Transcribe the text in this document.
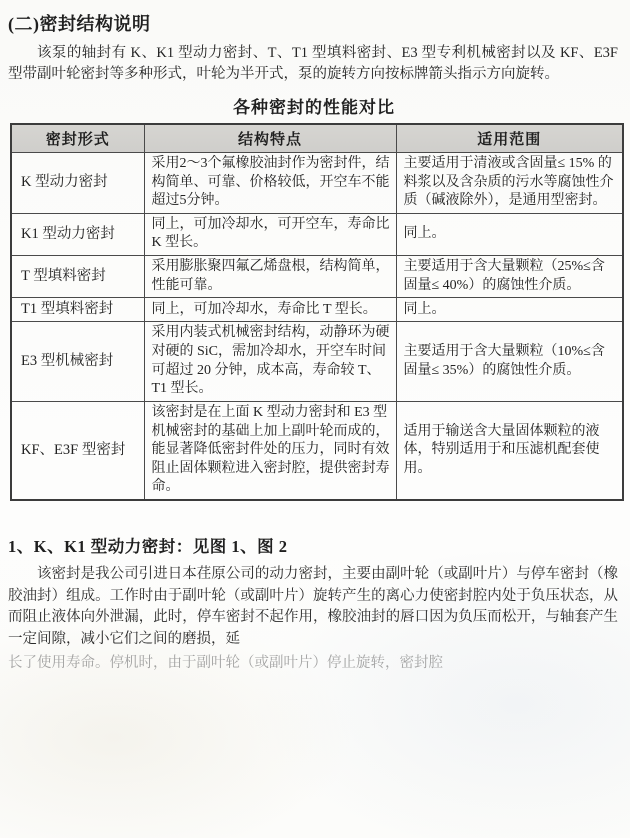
(二)密封结构说明

该泵的轴封有 K、K1 型动力密封、T、T1 型填料密封、E3 型专利机械密封以及 KF、E3F 型带副叶轮密封等多种形式，叶轮为半开式，泵的旋转方向按标牌箭头指示方向旋转。

各种密封的性能对比
密封形式	结构特点	适用范围
K 型动力密封	采用2～3个氟橡胶油封作为密封件，结构简单、可靠、价格较低，开空车不能超过5分钟。	主要适用于清液或含固量≤ 15% 的料浆以及含杂质的污水等腐蚀性介质（碱液除外），是通用型密封。
K1 型动力密封	同上，可加冷却水，可开空车，寿命比 K 型长。	同上。
T 型填料密封	采用膨胀聚四氟乙烯盘根，结构简单，性能可靠。	主要适用于含大量颗粒（25%≤含固量≤ 40%）的腐蚀性介质。
T1 型填料密封	同上，可加冷却水，寿命比 T 型长。	同上。
E3 型机械密封	采用内装式机械密封结构，动静环为硬对硬的 SiC，需加冷却水，开空车时间可超过 20 分钟，成本高，寿命较 T、T1 型长。	主要适用于含大量颗粒（10%≤含固量≤ 35%）的腐蚀性介质。
KF、E3F 型密封	该密封是在上面 K 型动力密封和 E3 型机械密封的基础上加上副叶轮而成的，能显著降低密封件处的压力，同时有效阻止固体颗粒进入密封腔，提供密封寿命。	适用于输送含大量固体颗粒的液体，特别适用于和压滤机配套使用。
1、K、K1 型动力密封：见图 1、图 2

该密封是我公司引进日本荏原公司的动力密封，主要由副叶轮（或副叶片）与停车密封（橡胶油封）组成。工作时由于副叶轮（或副叶片）旋转产生的离心力使密封腔内处于负压状态，从而阻止液体向外泄漏，此时，停车密封不起作用，橡胶油封的唇口因为负压而松开，与轴套产生一定间隙，减小它们之间的磨损，延

长了使用寿命。停机时，由于副叶轮（或副叶片）停止旋转，密封腔
